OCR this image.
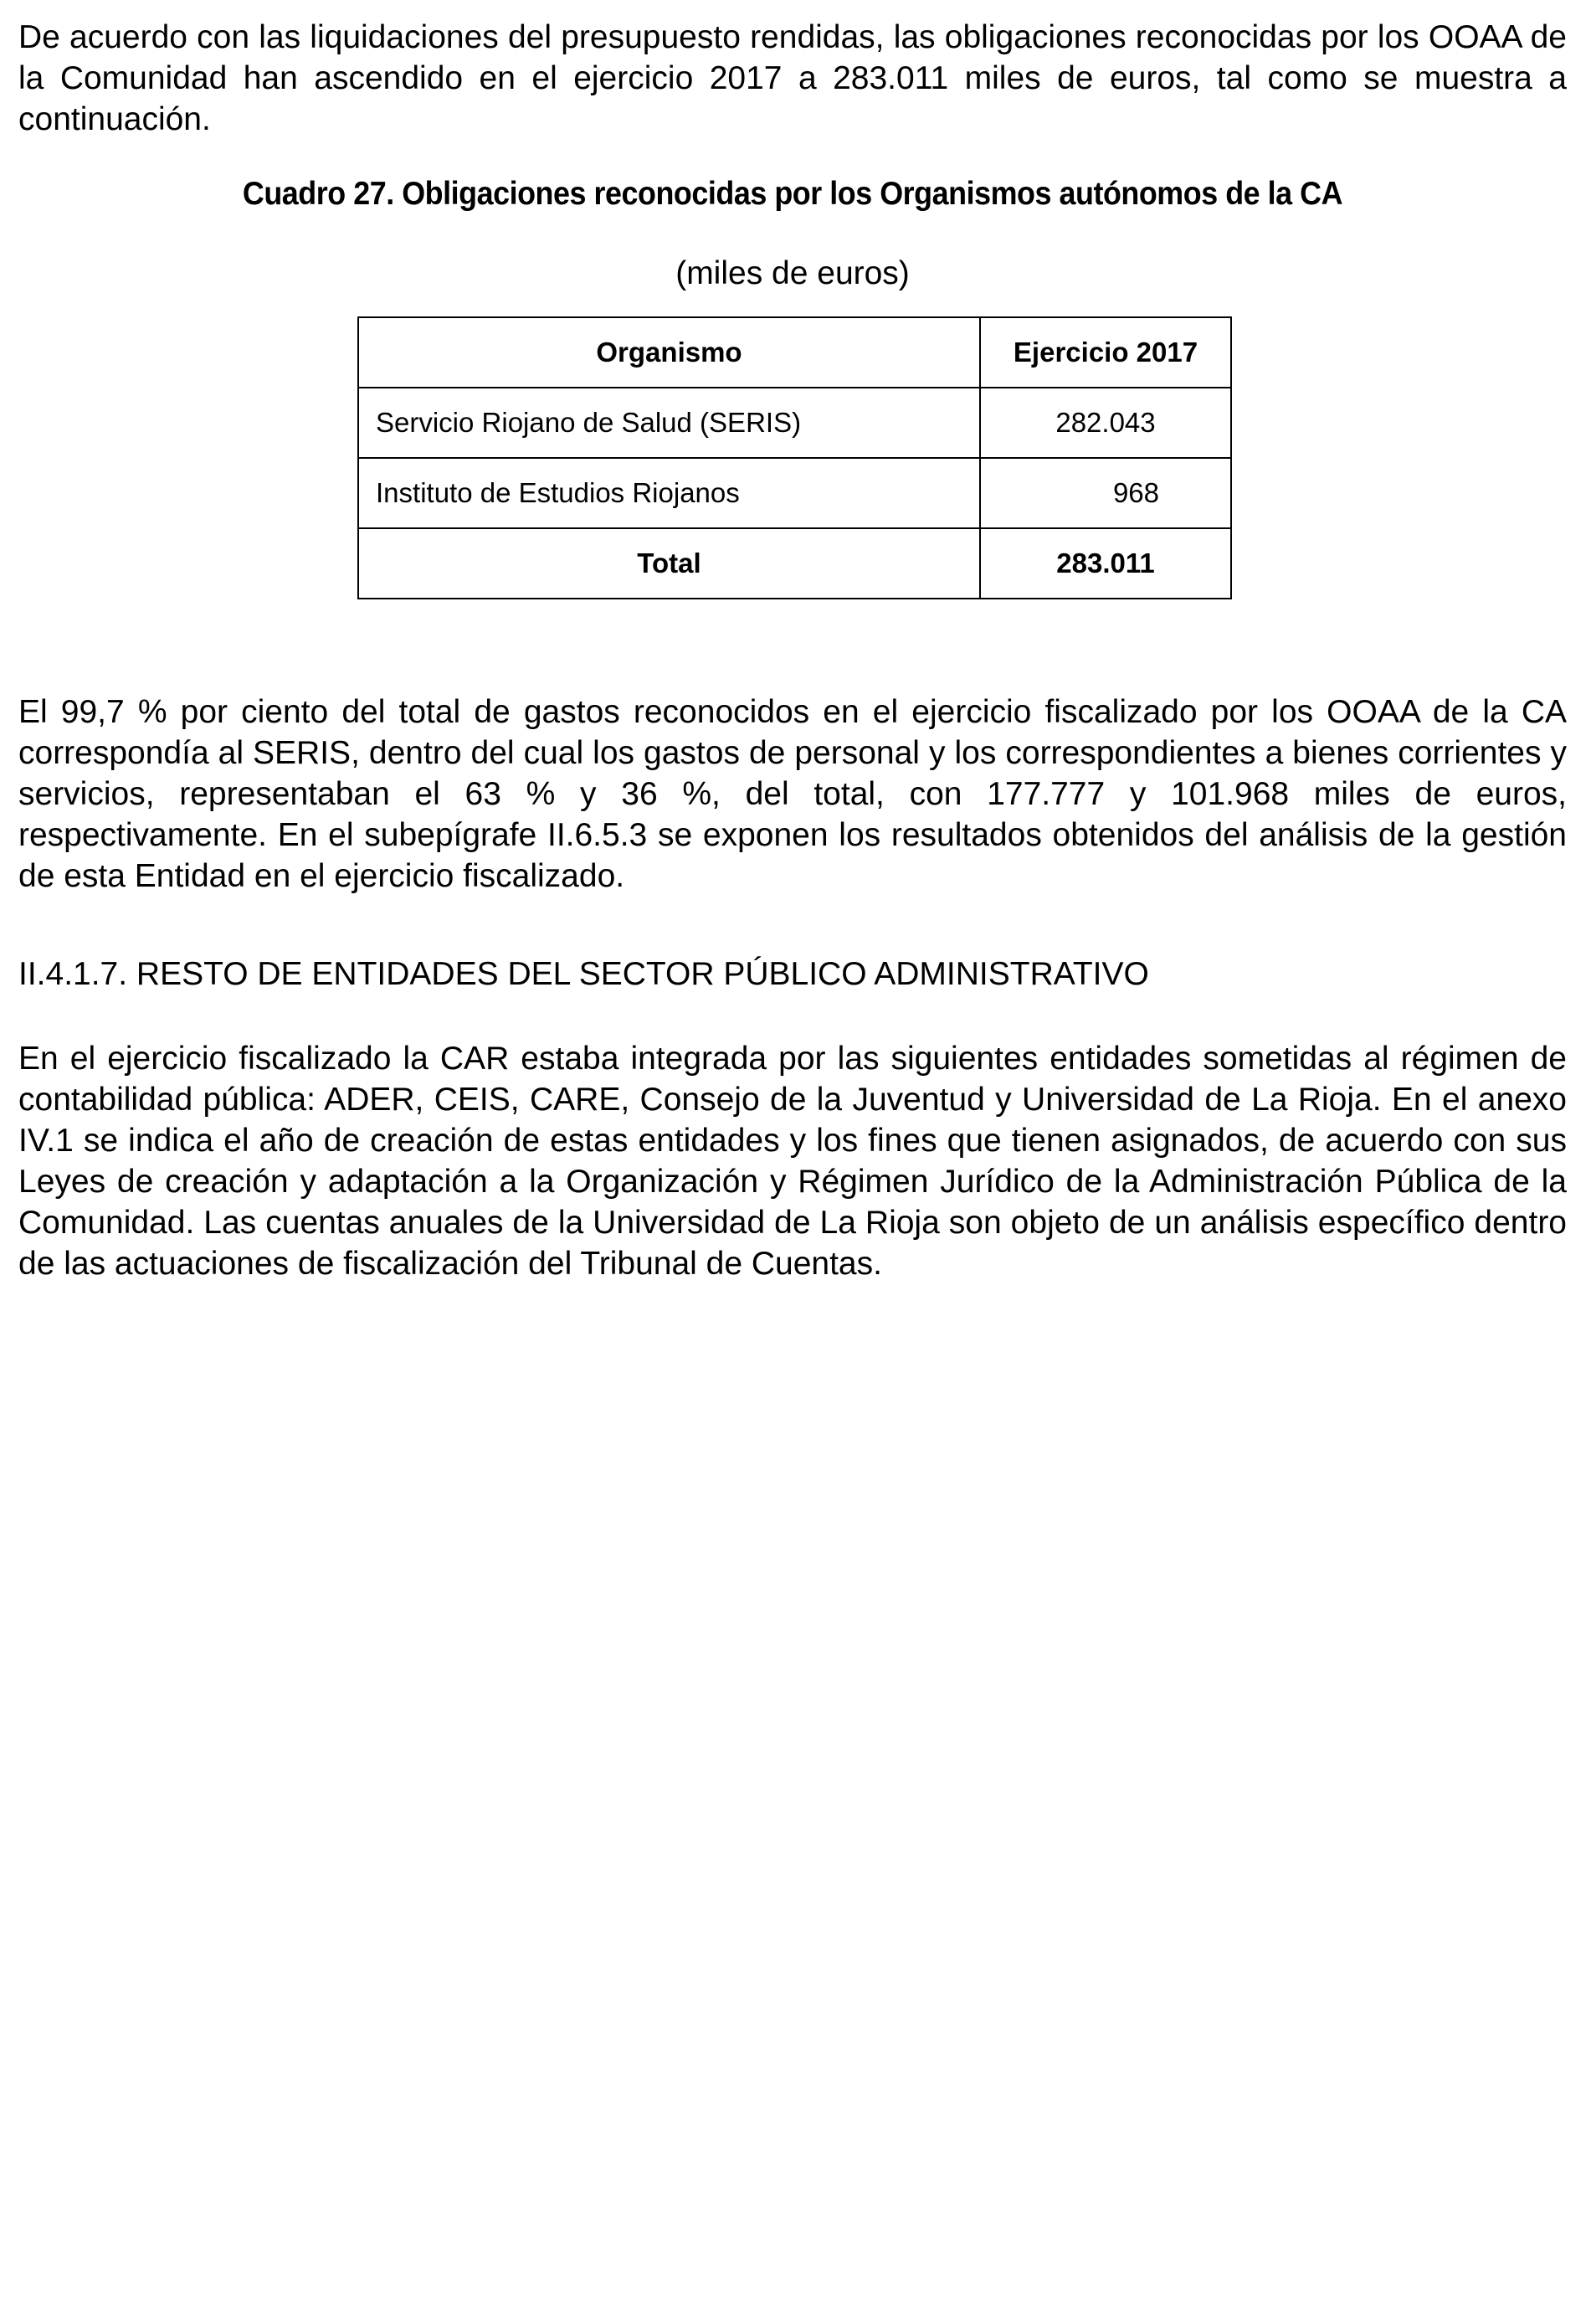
De acuerdo con las liquidaciones del presupuesto rendidas, las obligaciones reconocidas por los OOAA de la Comunidad han ascendido en el ejercicio 2017 a 283.011 miles de euros, tal como se muestra a continuación.

Cuadro 27. Obligaciones reconocidas por los Organismos autónomos de la CA

(miles de euros)

Organismo	Ejercicio 2017
Servicio Riojano de Salud (SERIS)	282.043
Instituto de Estudios Riojanos	968
Total	283.011

El 99,7 % por ciento del total de gastos reconocidos en el ejercicio fiscalizado por los OOAA de la CA correspondía al SERIS, dentro del cual los gastos de personal y los correspondientes a bienes corrientes y servicios, representaban el 63 % y 36 %, del total, con 177.777 y 101.968 miles de euros, respectivamente. En el subepígrafe II.6.5.3 se exponen los resultados obtenidos del análisis de la gestión de esta Entidad en el ejercicio fiscalizado.

II.4.1.7. RESTO DE ENTIDADES DEL SECTOR PÚBLICO ADMINISTRATIVO

En el ejercicio fiscalizado la CAR estaba integrada por las siguientes entidades sometidas al régimen de contabilidad pública: ADER, CEIS, CARE, Consejo de la Juventud y Universidad de La Rioja. En el anexo IV.1 se indica el año de creación de estas entidades y los fines que tienen asignados, de acuerdo con sus Leyes de creación y adaptación a la Organización y Régimen Jurídico de la Administración Pública de la Comunidad. Las cuentas anuales de la Universidad de La Rioja son objeto de un análisis específico dentro de las actuaciones de fiscalización del Tribunal de Cuentas.
